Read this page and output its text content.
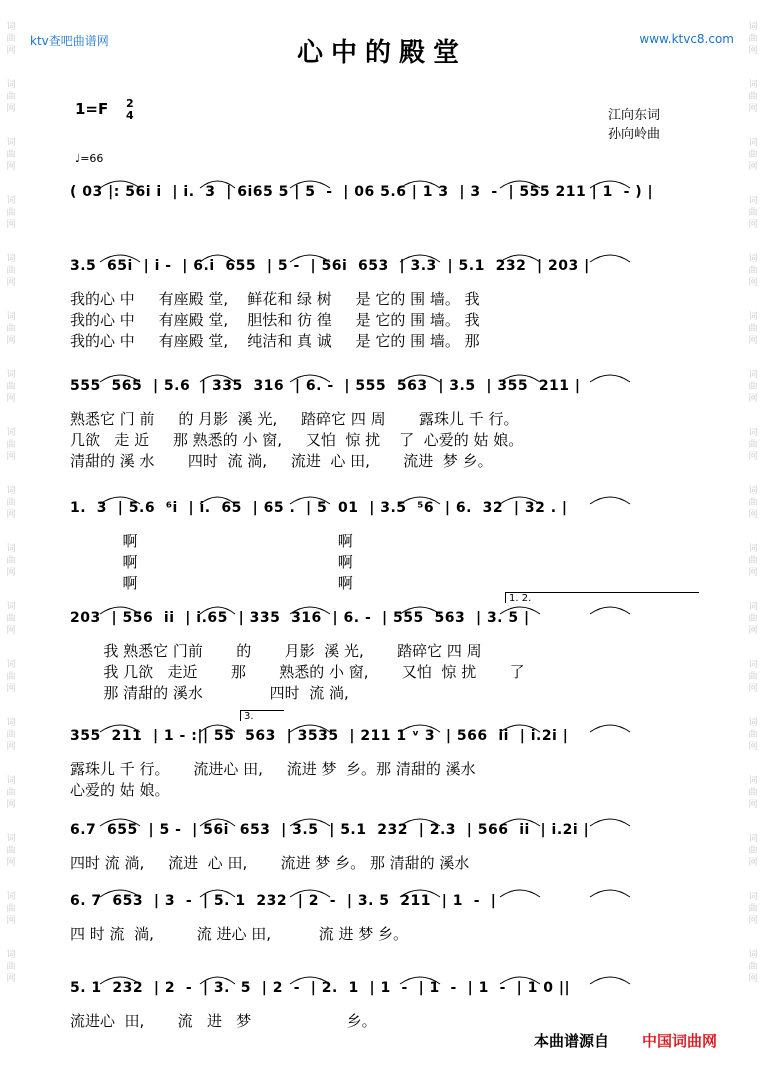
词
曲
网
词
曲
网
词
曲
网
词
曲
网
词
曲
网
词
曲
网
词
曲
网
词
曲
网
词
曲
网
词
曲
网
词
曲
网
词
曲
网
词
曲
网
词
曲
网
词
曲
网
词
曲
网
词
曲
网
词
曲
网
词
曲
网
词
曲
网
词
曲
网
词
曲
网
词
曲
网
词
曲
网
词
曲
网
词
曲
网
词
曲
网
词
曲
网
词
曲
网
词
曲
网
词
曲
网
词
曲
网
词
曲
网
词
曲
网
ktv查吧曲谱网	www.ktvc8.com
心中的殿堂
1=F 2
4
♩=66
江向东词
孙向岭曲
( 03 |: 56i i  | i.  3  | 6i65 5 | 5  -  | 06 5.6 | 1 3  | 3  -  | 555 211 | 1  - ) |
3.5  65i  | i -  | 6.i  655  | 5 -  | 56i  653  | 3.3  | 5.1  232  | 203 |
我的心 中     有座殿 堂,    鲜花和 绿 树     是 它的 围 墙。 我
我的心 中     有座殿 堂,    胆怯和 彷 徨     是 它的 围 墙。 我
我的心 中     有座殿 堂,    纯洁和 真 诚     是 它的 围 墙。 那
555  565  | 5.6  | 335  316  | 6. -  | 555  563  | 3.5  | 355  211 |
熟悉它 门 前     的 月影  溪 光,     踏碎它 四 周       露珠儿 千 行。
几欲   走 近     那 熟悉的 小 窗,     又怕  惊 扰    了  心爱的 姑 娘。
清甜的 溪 水       四时  流 淌,     流进  心 田,       流进  梦 乡。
1.  3  | 5.6  ⁶i  | i.  65  | 65 .  | 5  01  | 3.5  ⁵6  | 6.  32  | 32 . |
啊                                          啊
啊                                          啊
啊                                          啊
1. 2.
203  | 556  ii  | i.65  | 335  316  | 6. -  | 555  563  | 3. 5 |
我 熟悉它 门前       的       月影  溪 光,       踏碎它 四 周
我 几欲   走近       那       熟悉的 小 窗,       又怕  惊 扰       了
那 清甜的 溪水              四时  流 淌,
3.
355  211  | 1 - :|| 55  563  | 3535  | 211 1 ᵛ 3  | 566  ii  | i.2i |
露珠儿 千 行。     流进心 田,     流进 梦  乡。那 清甜的 溪水
心爱的 姑 娘。
6.7  655  | 5 -  | 56i  653  | 3.5  | 5.1  232  | 2.3  | 566  ii  | i.2i |
四时 流 淌,     流进  心 田,       流进 梦 乡。 那 清甜的 溪水
6. 7  653  | 3  -  | 5. 1  232  | 2  -  | 3. 5  211  | 1  -  |
四 时 流  淌,         流 进心 田,          流 进 梦 乡。
5. 1  232  | 2  -  | 3.  5  | 2  -  | 2.  1  | 1  -  | 1  -  | 1  -  | 1 0 ||
流进心  田,       流   进   梦                    乡。
本曲谱源自 中国词曲网
